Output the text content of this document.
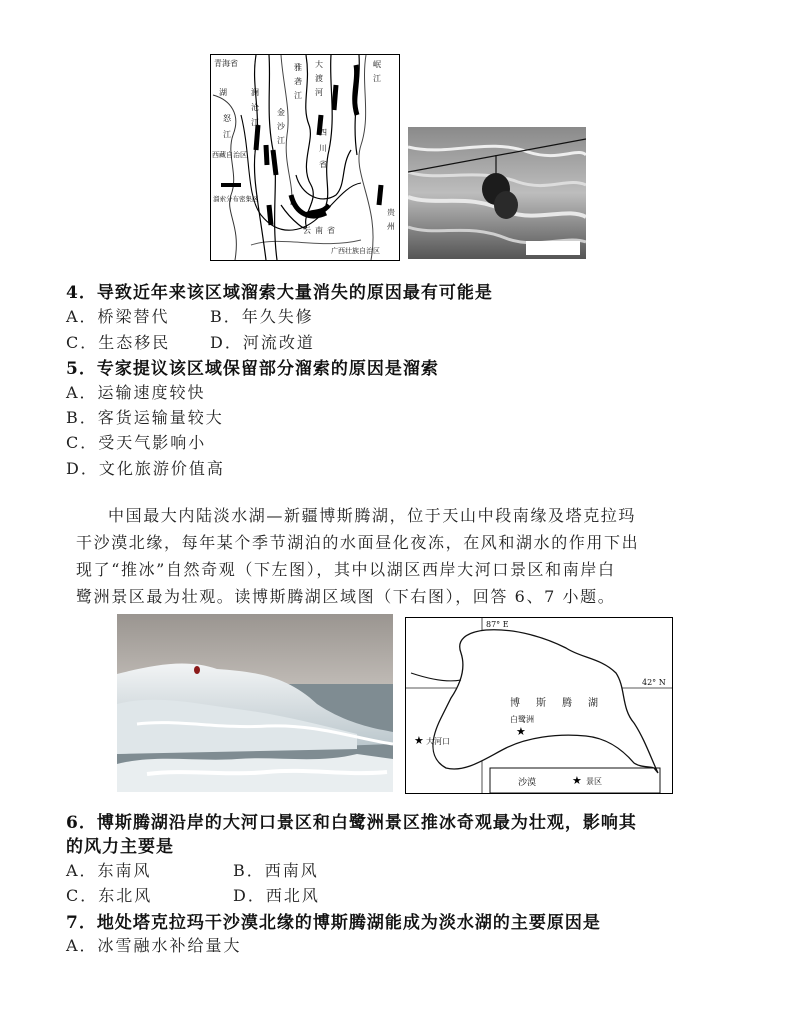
青海省
湖
西藏自治区
怒
江
澜
沧
江
金
沙
江
雅
砻
江
大
渡
河
四
川
省
岷
江
溜索分布密集区
云 南 省
广西壮族自治区
贵
州
4．导致近年来该区域溜索大量消失的原因最有可能是
A．桥梁替代	B．年久失修
C．生态移民 D．河流改道
5．专家提议该区域保留部分溜索的原因是溜索
A．运输速度较快
B．客货运输量较大
C．受天气影响小
D．文化旅游价值高
中国最大内陆淡水湖—新疆博斯腾湖，位于天山中段南缘及塔克拉玛
干沙漠北缘，每年某个季节湖泊的水面昼化夜冻，在风和湖水的作用下出
现了“推冰”自然奇观（下左图），其中以湖区西岸大河口景区和南岸白
鹭洲景区最为壮观。读博斯腾湖区域图（下右图），回答 6、7 小题。
87° E
42° N
博 斯 腾 湖
★ 大河口
★
白鹭洲
沙漠	★ 景区
6．博斯腾湖沿岸的大河口景区和白鹭洲景区推冰奇观最为壮观，影响其
的风力主要是
A．东南风	B．西南风
C．东北风	D．西北风
7．地处塔克拉玛干沙漠北缘的博斯腾湖能成为淡水湖的主要原因是
A．冰雪融水补给量大
